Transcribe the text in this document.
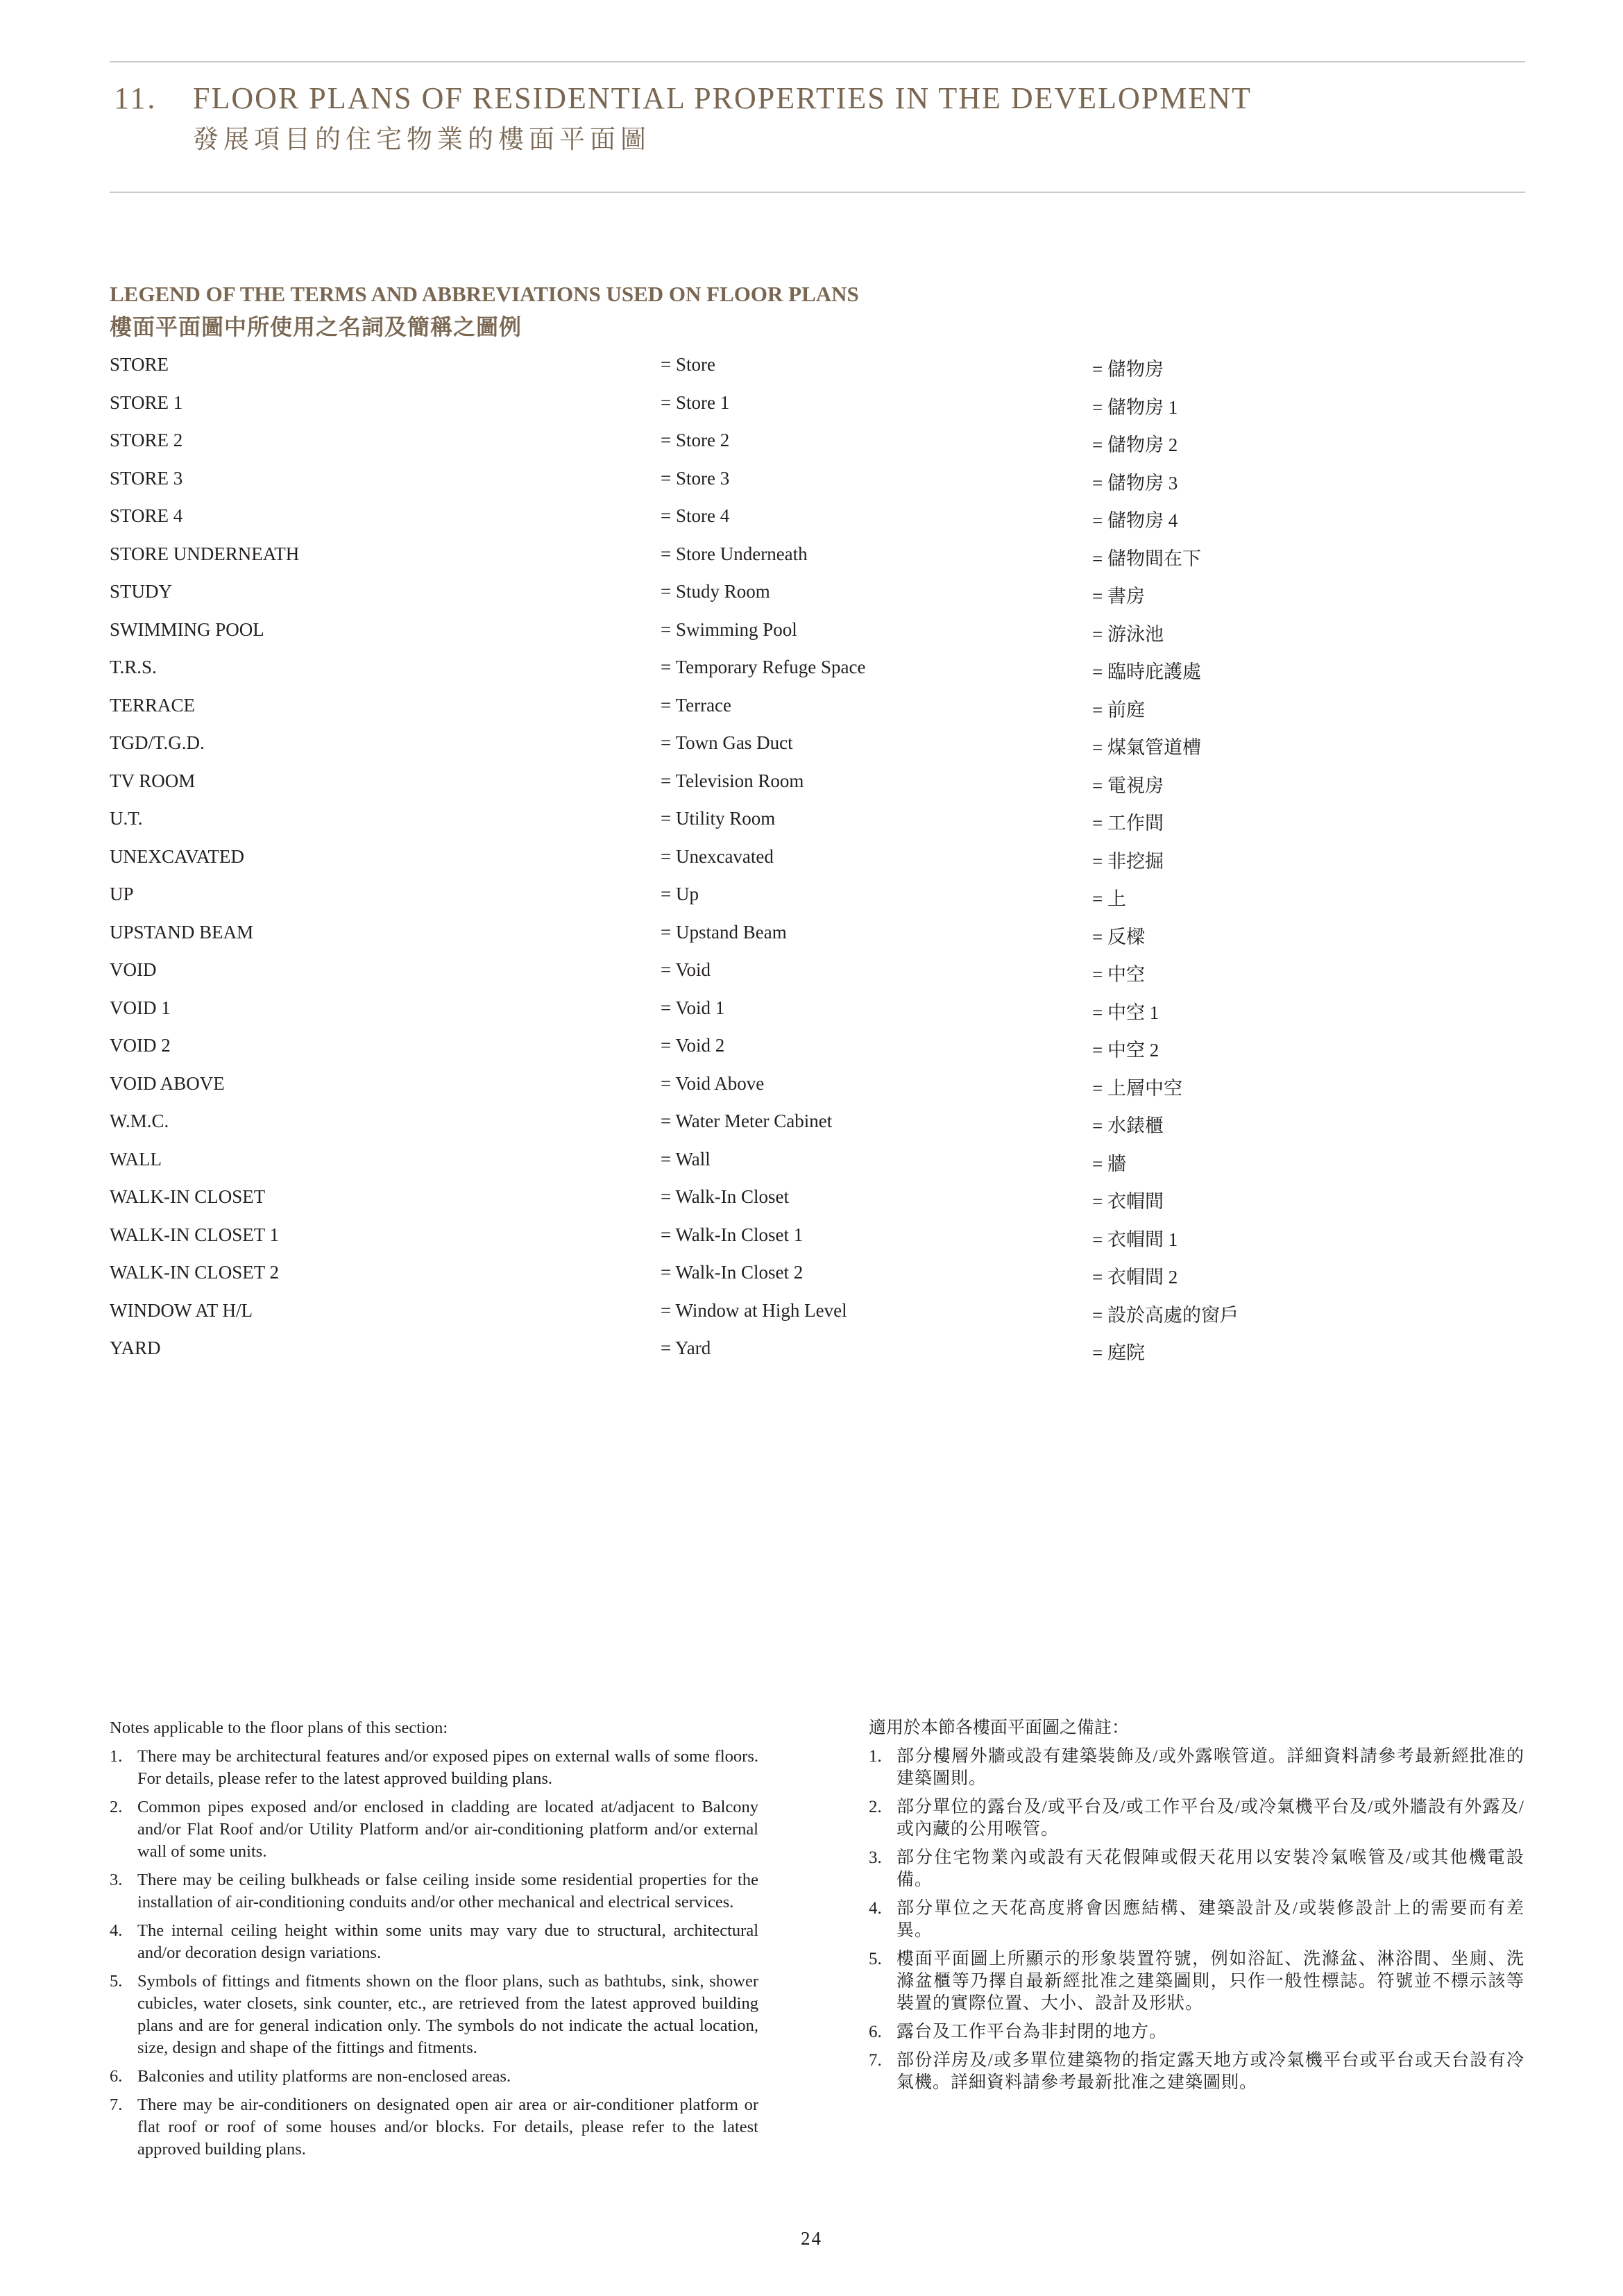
11. FLOOR PLANS OF RESIDENTIAL PROPERTIES IN THE DEVELOPMENT
發展項目的住宅物業的樓面平面圖
LEGEND OF THE TERMS AND ABBREVIATIONS USED ON FLOOR PLANS
樓面平面圖中所使用之名詞及簡稱之圖例
STORE	= Store	= 儲物房
STORE 1	= Store 1	= 儲物房 1
STORE 2	= Store 2	= 儲物房 2
STORE 3	= Store 3	= 儲物房 3
STORE 4	= Store 4	= 儲物房 4
STORE UNDERNEATH	= Store Underneath	= 儲物間在下
STUDY	= Study Room	= 書房
SWIMMING POOL	= Swimming Pool	= 游泳池
T.R.S.	= Temporary Refuge Space	= 臨時庇護處
TERRACE	= Terrace	= 前庭
TGD/T.G.D.	= Town Gas Duct	= 煤氣管道槽
TV ROOM	= Television Room	= 電視房
U.T.	= Utility Room	= 工作間
UNEXCAVATED	= Unexcavated	= 非挖掘
UP	= Up	= 上
UPSTAND BEAM	= Upstand Beam	= 反樑
VOID	= Void	= 中空
VOID 1	= Void 1	= 中空 1
VOID 2	= Void 2	= 中空 2
VOID ABOVE	= Void Above	= 上層中空
W.M.C.	= Water Meter Cabinet	= 水錶櫃
WALL	= Wall	= 牆
WALK-IN CLOSET	= Walk-In Closet	= 衣帽間
WALK-IN CLOSET 1	= Walk-In Closet 1	= 衣帽間 1
WALK-IN CLOSET 2	= Walk-In Closet 2	= 衣帽間 2
WINDOW AT H/L	= Window at High Level	= 設於高處的窗戶
YARD	= Yard	= 庭院
Notes applicable to the floor plans of this section:
1. There may be architectural features and/or exposed pipes on external walls of some floors. For details, please refer to the latest approved building plans.
2. Common pipes exposed and/or enclosed in cladding are located at/adjacent to Balcony and/or Flat Roof and/or Utility Platform and/or air-conditioning platform and/or external wall of some units.
3. There may be ceiling bulkheads or false ceiling inside some residential properties for the installation of air-conditioning conduits and/or other mechanical and electrical services.
4. The internal ceiling height within some units may vary due to structural, architectural and/or decoration design variations.
5. Symbols of fittings and fitments shown on the floor plans, such as bathtubs, sink, shower cubicles, water closets, sink counter, etc., are retrieved from the latest approved building plans and are for general indication only. The symbols do not indicate the actual location, size, design and shape of the fittings and fitments.
6. Balconies and utility platforms are non-enclosed areas.
7. There may be air-conditioners on designated open air area or air-conditioner platform or flat roof or roof of some houses and/or blocks. For details, please refer to the latest approved building plans.
適用於本節各樓面平面圖之備註：
1. 部分樓層外牆或設有建築裝飾及/或外露喉管道。詳細資料請參考最新經批准的建築圖則。
2. 部分單位的露台及/或平台及/或工作平台及/或冷氣機平台及/或外牆設有外露及/或內藏的公用喉管。
3. 部分住宅物業內或設有天花假陣或假天花用以安裝冷氣喉管及/或其他機電設備。
4. 部分單位之天花高度將會因應結構、建築設計及/或裝修設計上的需要而有差異。
5. 樓面平面圖上所顯示的形象裝置符號，例如浴缸、洗滌盆、淋浴間、坐廁、洗滌盆櫃等乃擇自最新經批准之建築圖則，只作一般性標誌。符號並不標示該等裝置的實際位置、大小、設計及形狀。
6. 露台及工作平台為非封閉的地方。
7. 部份洋房及/或多單位建築物的指定露天地方或冷氣機平台或平台或天台設有冷氣機。詳細資料請參考最新批准之建築圖則。
24
